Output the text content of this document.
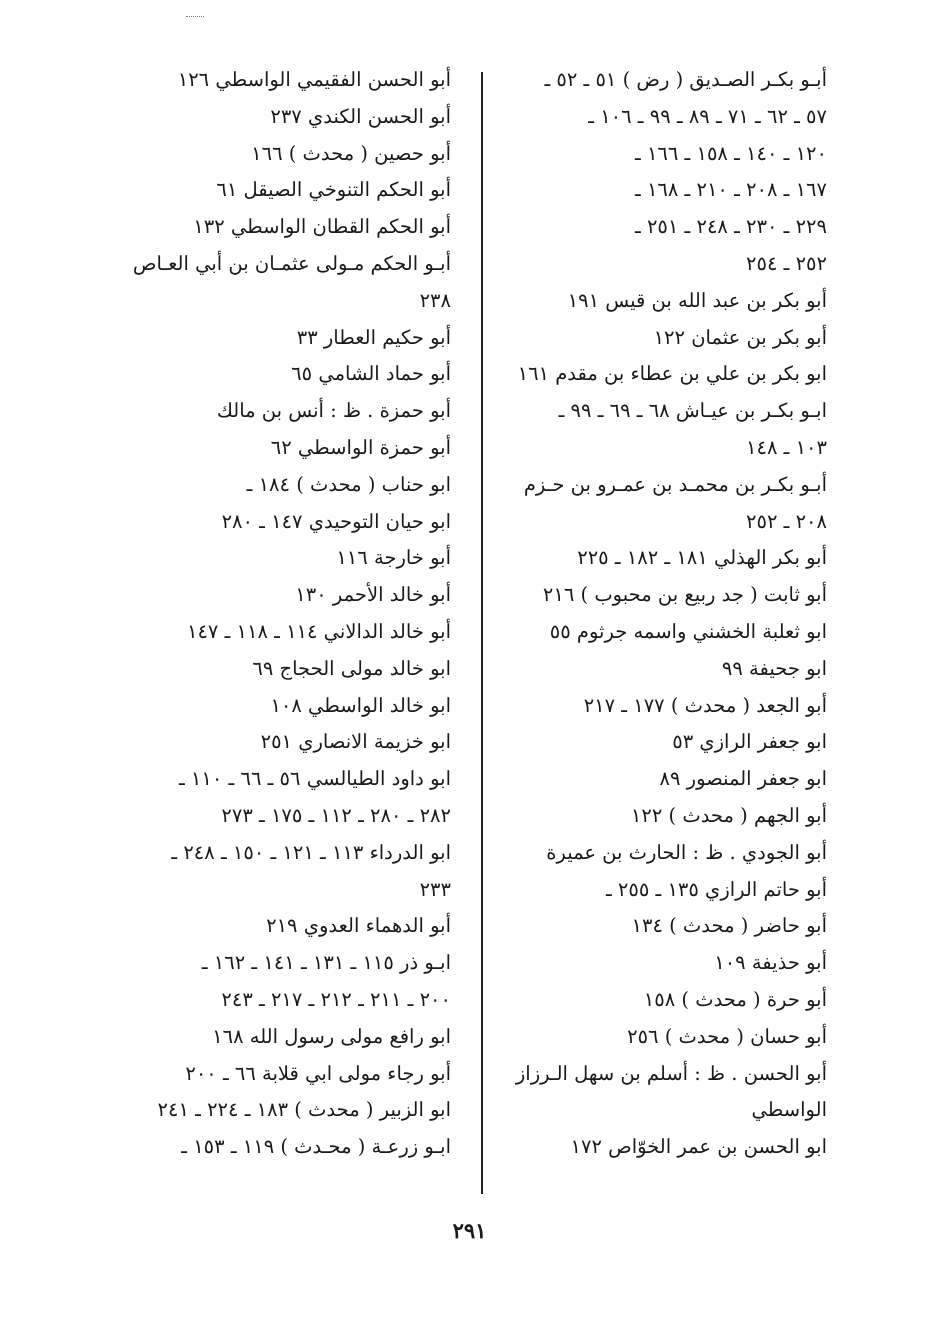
أبـو بكـر الصـديق ( رض ) ٥١ ـ ٥٢ ـ
٥٧ ـ ٦٢ ـ ٧١ ـ ٨٩ ـ ٩٩ ـ ١٠٦ ـ
١٢٠ ـ ١٤٠ ـ ١٥٨ ـ ١٦٦ ـ
١٦٧ ـ ٢٠٨ ـ ٢١٠ ـ ١٦٨ ـ
٢٢٩ ـ ٢٣٠ ـ ٢٤٨ ـ ٢٥١ ـ
٢٥٢ ـ ٢٥٤
أبو بكر بن عبد الله بن قيس ١٩١
أبو بكر بن عثمان ١٢٢
ابو بكر بن علي بن عطاء بن مقدم ١٦١
ابـو بكـر بن عيـاش ٦٨ ـ ٦٩ ـ ٩٩ ـ
١٠٣ ـ ١٤٨
أبـو بكـر بن محمـد بن عمـرو بن حـزم
٢٠٨ ـ ٢٥٢
أبو بكر الهذلي ١٨١ ـ ١٨٢ ـ ٢٢٥
أبو ثابت ( جد ربيع بن محبوب ) ٢١٦
ابو ثعلبة الخشني واسمه جرثوم ٥٥
ابو جحيفة ٩٩
أبو الجعد ( محدث ) ١٧٧ ـ ٢١٧
ابو جعفر الرازي ٥٣
ابو جعفر المنصور ٨٩
أبو الجهم ( محدث ) ١٢٢
أبو الجودي . ظ : الحارث بن عميرة
أبو حاتم الرازي ١٣٥ ـ ٢٥٥ ـ
أبو حاضر ( محدث ) ١٣٤
أبو حذيفة ١٠٩
أبو حرة ( محدث ) ١٥٨
أبو حسان ( محدث ) ٢٥٦
أبو الحسن . ظ : أسلم بن سهل الـرزاز
الواسطي
ابو الحسن بن عمر الخوّاص ١٧٢
أبو الحسن الفقيمي الواسطي ١٢٦
أبو الحسن الكندي ٢٣٧
أبو حصين ( محدث ) ١٦٦
أبو الحكم التنوخي الصيقل ٦١
أبو الحكم القطان الواسطي ١٣٢
أبـو الحكم مـولى عثمـان بن أبي العـاص
٢٣٨
أبو حكيم العطار ٣٣
أبو حماد الشامي ٦٥
أبو حمزة . ظ : أنس بن مالك
أبو حمزة الواسطي ٦٢
ابو حناب ( محدث ) ١٨٤ ـ
ابو حيان التوحيدي ١٤٧ ـ ٢٨٠
أبو خارجة ١١٦
أبو خالد الأحمر ١٣٠
أبو خالد الدالاني ١١٤ ـ ١١٨ ـ ١٤٧
ابو خالد مولى الحجاج ٦٩
ابو خالد الواسطي ١٠٨
ابو خزيمة الانصاري ٢٥١
ابو داود الطيالسي ٥٦ ـ ٦٦ ـ ١١٠ ـ
٢٨٢ ـ ٢٨٠ ـ ١١٢ ـ ١٧٥ ـ ٢٧٣
ابو الدرداء ١١٣ ـ ١٢١ ـ ١٥٠ ـ ٢٤٨ ـ
٢٣٣
أبو الدهماء العدوي ٢١٩
ابـو ذر ١١٥ ـ ١٣١ ـ ١٤١ ـ ١٦٢ ـ
٢٠٠ ـ ٢١١ ـ ٢١٢ ـ ٢١٧ ـ ٢٤٣
ابو رافع مولى رسول الله ١٦٨
أبو رجاء مولى ابي قلابة ٦٦ ـ ٢٠٠
ابو الزبير ( محدث ) ١٨٣ ـ ٢٢٤ ـ ٢٤١
ابـو زرعـة ( محـدث ) ١١٩ ـ ١٥٣ ـ
٢٩١
